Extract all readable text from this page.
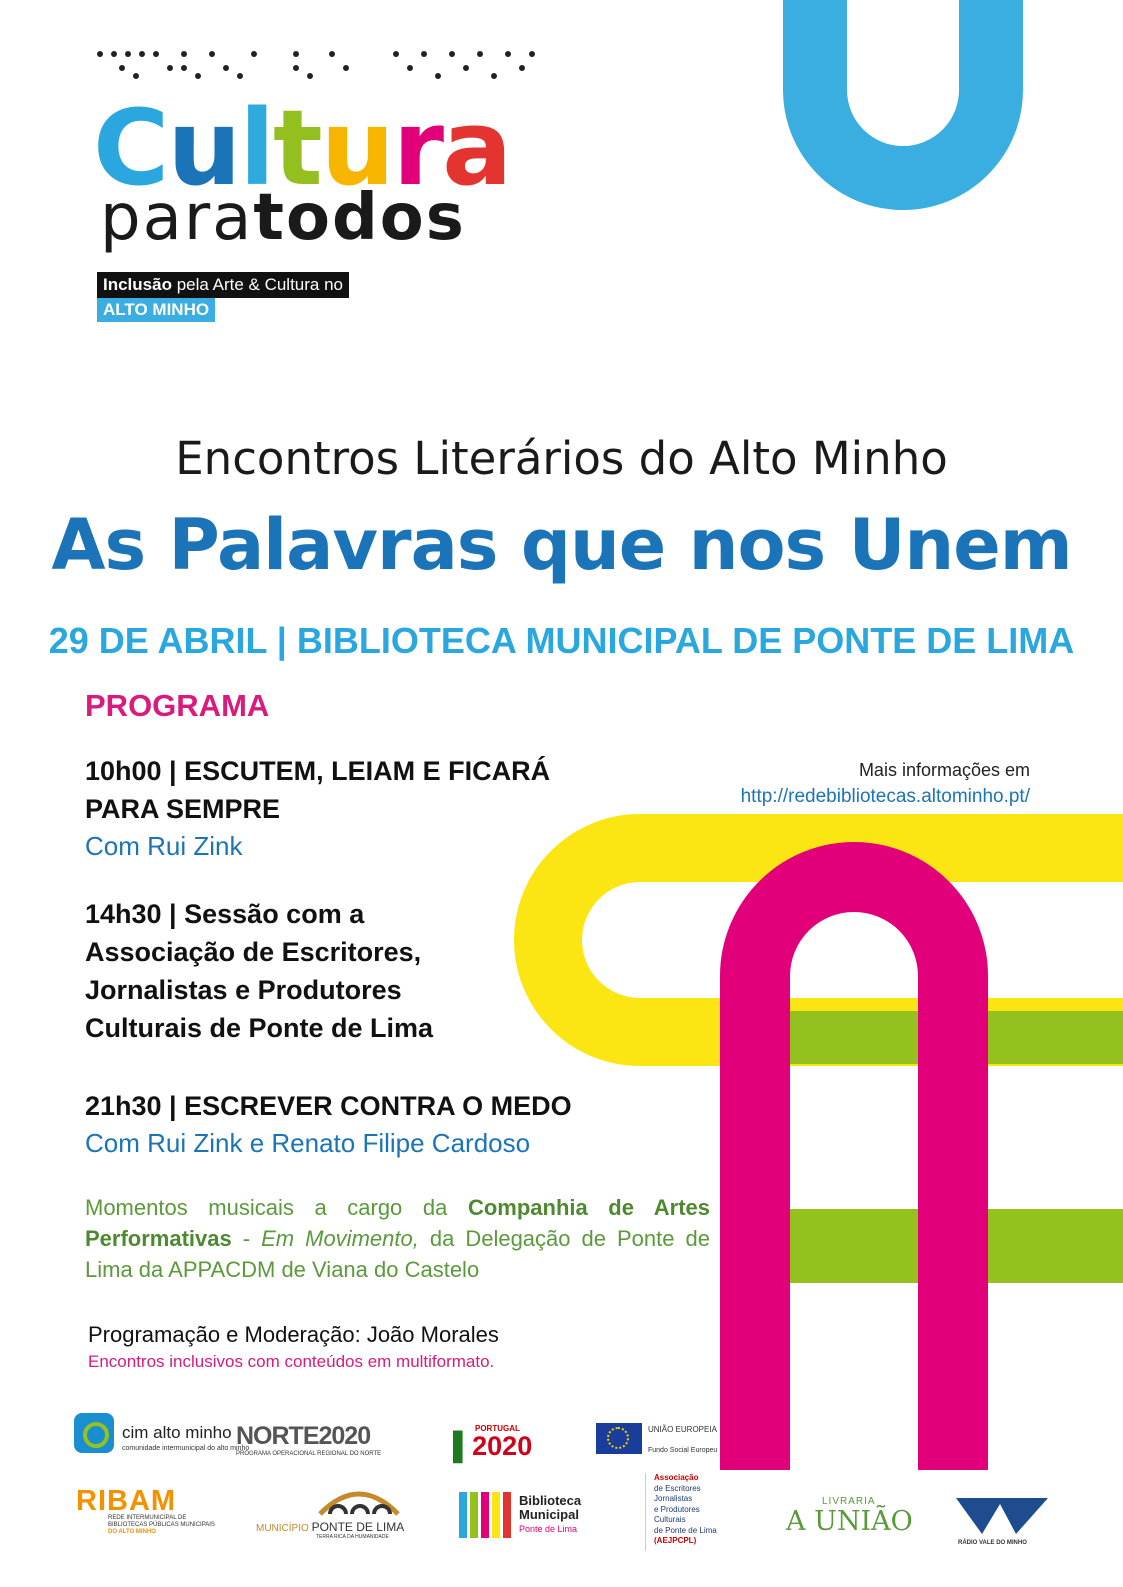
Cultura
paratodos
Inclusão pela Arte & Cultura no
ALTO MINHO
Encontros Literários do Alto Minho
As Palavras que nos Unem
29 DE ABRIL | BIBLIOTECA MUNICIPAL DE PONTE DE LIMA
PROGRAMA
10h00 | ESCUTEM, LEIAM E FICARÁ
PARA SEMPRE
Com Rui Zink
14h30 | Sessão com a
Associação de Escritores,
Jornalistas e Produtores
Culturais de Ponte de Lima
21h30 | ESCREVER CONTRA O MEDO
Com Rui Zink e Renato Filipe Cardoso
Mais informações em
http://redebibliotecas.altominho.pt/
Momentos musicais a cargo da Companhia de Artes Performativas - Em Movimento, da Delegação de Ponte de Lima da APPACDM de Viana do Castelo
Programação e Moderação: João Morales
Encontros inclusivos com conteúdos em multiformato.
cim alto minho
comunidade intermunicipal do alto minho
NORTE2020
PROGRAMA OPERACIONAL REGIONAL DO NORTE
PORTUGAL
▌2020
UNIÃO EUROPEIA
Fundo Social Europeu
RIBAM
REDE INTERMUNICIPAL DE
BIBLIOTECAS PÚBLICAS MUNICIPAIS
DO ALTO MINHO	MUNICÍPIO PONTE DE LIMA
TERRA RICA DA HUMANIDADE
Biblioteca
Municipal
Ponte de Lima
Associação
de Escritores
Jornalistas
e Produtores
Culturais
de Ponte de Lima
(AEJPCPL)
LIVRARIA
A UNIÃO
RÁDIO VALE DO MINHO
